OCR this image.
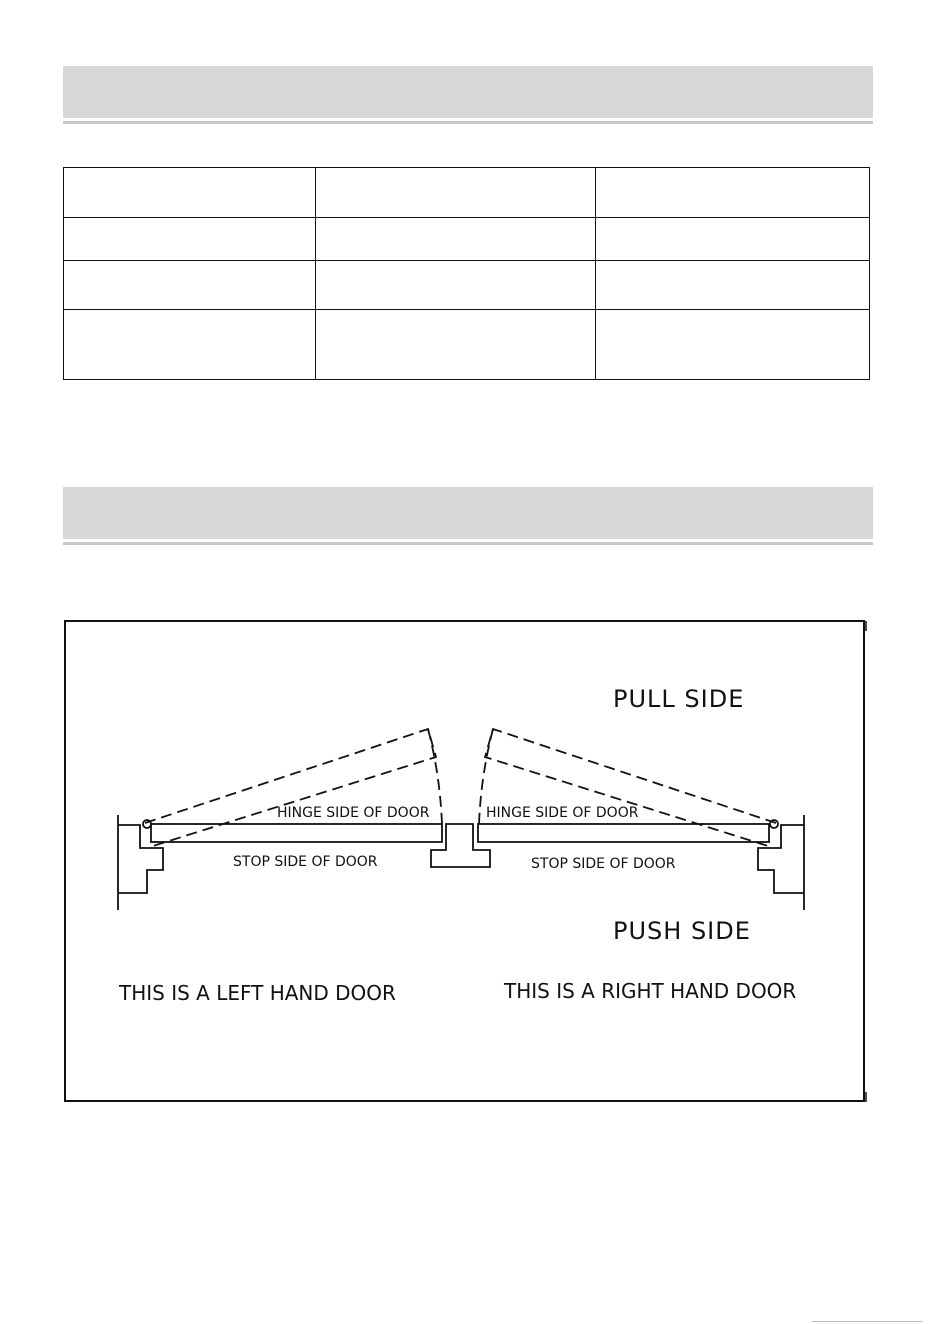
PULL SIDE
PUSH SIDE
HINGE SIDE OF DOOR
STOP SIDE OF DOOR
HINGE SIDE OF DOOR
STOP SIDE OF DOOR
THIS IS A LEFT HAND DOOR	THIS IS A RIGHT HAND DOOR
